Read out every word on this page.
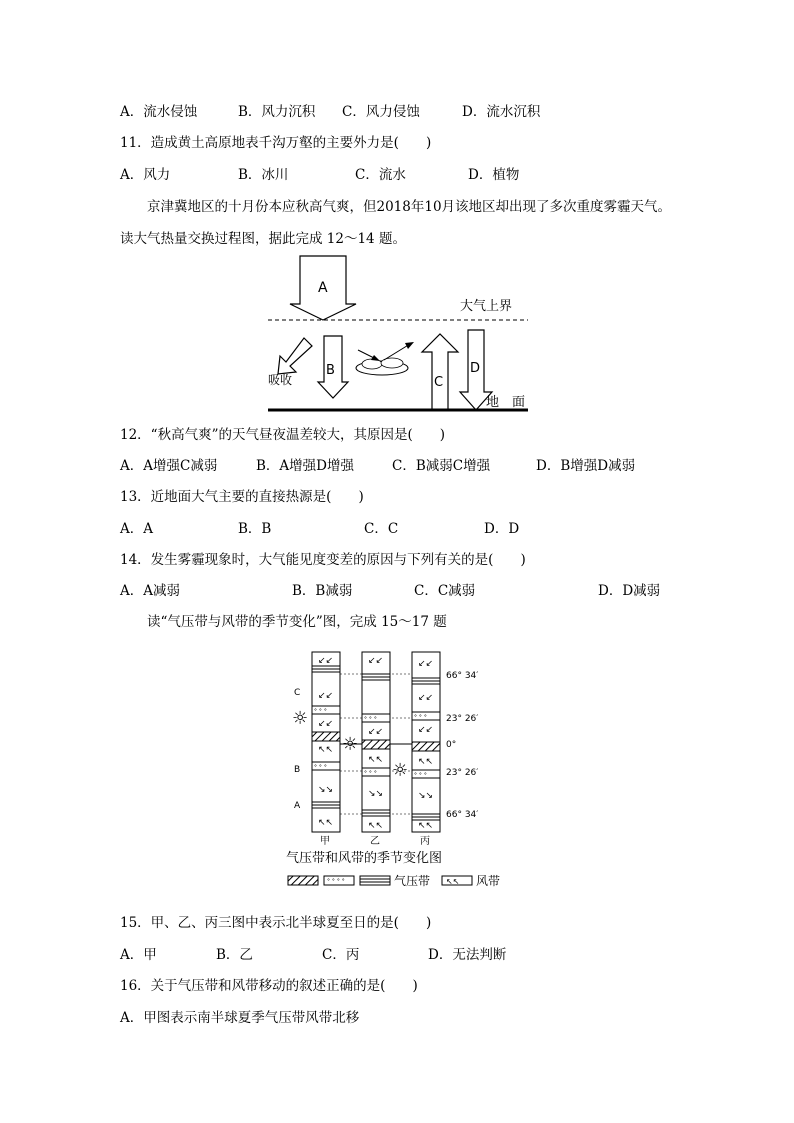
A．流水侵蚀	B．风力沉积 C．风力侵蚀	D．流水沉积
11．造成黄土高原地表千沟万壑的主要外力是(　　)
A．风力	B．冰川	C．流水	D．植物
京津冀地区的十月份本应秋高气爽，但2018年10月该地区却出现了多次重度雾霾天气。
读大气热量交换过程图，据此完成 12～14 题。
A
大气上界
吸收
B
C
D
地　面
12．“秋高气爽”的天气昼夜温差较大，其原因是(　　)
A．A增强C减弱	B．A增强D增强	C．B减弱C增强	D．B增强D减弱
13．近地面大气主要的直接热源是(　　)
A．A	B．B	C．C	D．D
14．发生雾霾现象时，大气能见度变差的原因与下列有关的是(　　)
A．A减弱	B．B减弱	C．C减弱	D．D减弱
读“气压带与风带的季节变化”图，完成 15～17 题
↙↙
↙↙
° ° °
↙↙
↖↖
° ° °
↘↘
↖↖
↙↙
° ° °
↙↙
↖↖
° ° °
↘↘
↖↖
↙↙
↙↙
° ° °
↙↙
↖↖
° ° °
↘↘
↖↖
☼
☼
☼
C
B
A
66° 34′
23° 26′
0°
23° 26′
66° 34′
甲	乙	丙
气压带和风带的季节变化图
° ° ° °	气压带 ↖↖ 风带
15．甲、乙、丙三图中表示北半球夏至日的是(　　)
A．甲	B．乙	C．丙	D．无法判断
16．关于气压带和风带移动的叙述正确的是(　　)
A．甲图表示南半球夏季气压带风带北移
